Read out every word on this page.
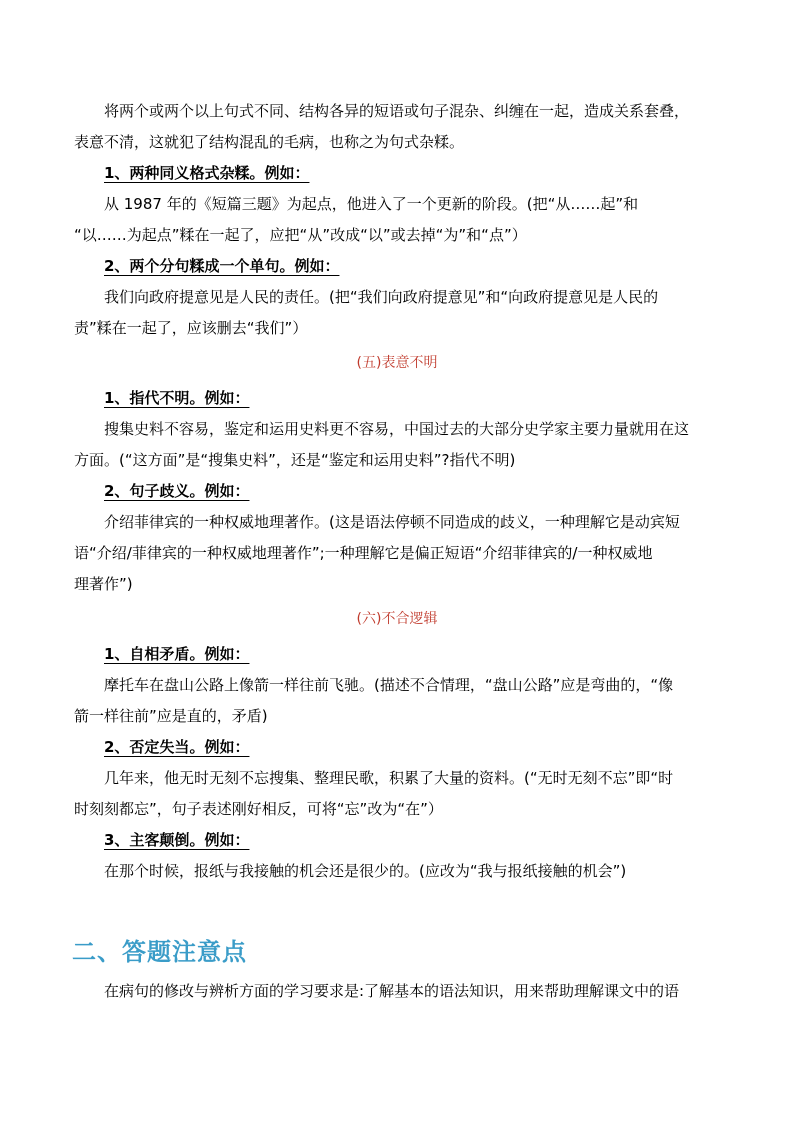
将两个或两个以上句式不同、结构各异的短语或句子混杂、纠缠在一起，造成关系套叠，

表意不清，这就犯了结构混乱的毛病，也称之为句式杂糅。

1、两种同义格式杂糅。例如：

从 1987 年的《短篇三题》为起点，他进入了一个更新的阶段。(把“从……起”和

“以……为起点”糅在一起了，应把“从”改成“以”或去掉“为”和“点”）

2、两个分句糅成一个单句。例如：

我们向政府提意见是人民的责任。(把“我们向政府提意见”和“向政府提意见是人民的

责”糅在一起了，应该删去“我们”）

(五)表意不明

1、指代不明。例如：

搜集史料不容易，鉴定和运用史料更不容易，中国过去的大部分史学家主要力量就用在这

方面。(“这方面”是“搜集史料”，还是“鉴定和运用史料”?指代不明)

2、句子歧义。例如：

介绍菲律宾的一种权威地理著作。(这是语法停顿不同造成的歧义，一种理解它是动宾短

语“介绍/菲律宾的一种权威地理著作”;一种理解它是偏正短语“介绍菲律宾的/一种权威地

理著作”)

(六)不合逻辑

1、自相矛盾。例如：

摩托车在盘山公路上像箭一样往前飞驰。(描述不合情理，“盘山公路”应是弯曲的，“像

箭一样往前”应是直的，矛盾)

2、否定失当。例如：

几年来，他无时无刻不忘搜集、整理民歌，积累了大量的资料。(“无时无刻不忘”即“时

时刻刻都忘”，句子表述刚好相反，可将“忘”改为“在”）

3、主客颠倒。例如：

在那个时候，报纸与我接触的机会还是很少的。(应改为“我与报纸接触的机会”)

二、答题注意点

在病句的修改与辨析方面的学习要求是:了解基本的语法知识，用来帮助理解课文中的语
